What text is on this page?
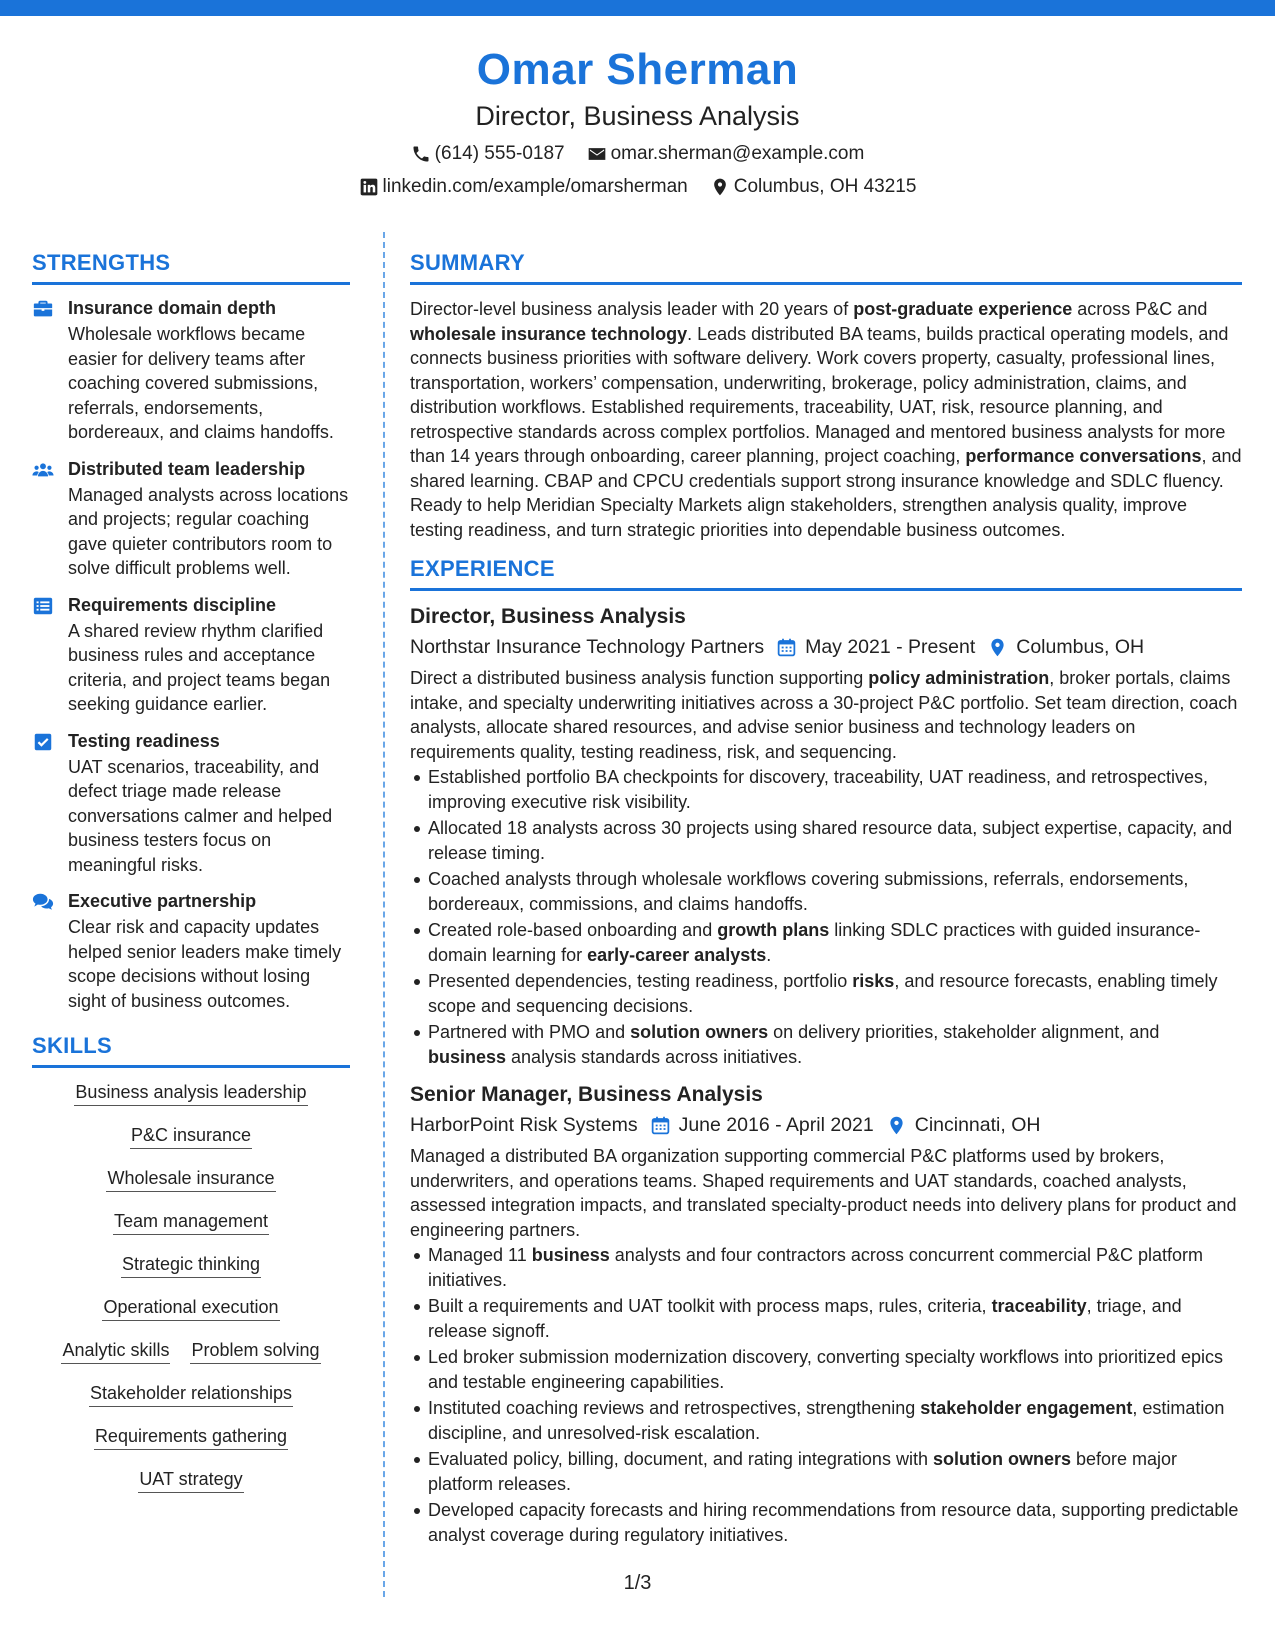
Omar Sherman
Director, Business Analysis
(614) 555-0187 omar.sherman@example.com
linkedin.com/example/omarsherman Columbus, OH 43215
STRENGTHS
Insurance domain depth
Wholesale workflows became easier for delivery teams after coaching covered submissions, referrals, endorsements, bordereaux, and claims handoffs.
Distributed team leadership
Managed analysts across locations and projects; regular coaching gave quieter contributors room to solve difficult problems well.
Requirements discipline
A shared review rhythm clarified business rules and acceptance criteria, and project teams began seeking guidance earlier.
Testing readiness
UAT scenarios, traceability, and defect triage made release conversations calmer and helped business testers focus on meaningful risks.
Executive partnership
Clear risk and capacity updates helped senior leaders make timely scope decisions without losing sight of business outcomes.
SKILLS
Business analysis leadership
P&C insurance
Wholesale insurance
Team management
Strategic thinking
Operational execution
Analytic skills Problem solving
Stakeholder relationships
Requirements gathering
UAT strategy
SUMMARY
Director-level business analysis leader with 20 years of post-graduate experience across P&C and wholesale insurance technology. Leads distributed BA teams, builds practical operating models, and connects business priorities with software delivery. Work covers property, casualty, professional lines, transportation, workers’ compensation, underwriting, brokerage, policy administration, claims, and distribution workflows. Established requirements, traceability, UAT, risk, resource planning, and retrospective standards across complex portfolios. Managed and mentored business analysts for more than 14 years through onboarding, career planning, project coaching, performance conversations, and shared learning. CBAP and CPCU credentials support strong insurance knowledge and SDLC fluency. Ready to help Meridian Specialty Markets align stakeholders, strengthen analysis quality, improve testing readiness, and turn strategic priorities into dependable business outcomes.
EXPERIENCE
Director, Business Analysis
Northstar Insurance Technology Partners May 2021 - Present Columbus, OH
Direct a distributed business analysis function supporting policy administration, broker portals, claims intake, and specialty underwriting initiatives across a 30-project P&C portfolio. Set team direction, coach analysts, allocate shared resources, and advise senior business and technology leaders on requirements quality, testing readiness, risk, and sequencing.
Established portfolio BA checkpoints for discovery, traceability, UAT readiness, and retrospectives, improving executive risk visibility.
Allocated 18 analysts across 30 projects using shared resource data, subject expertise, capacity, and release timing.
Coached analysts through wholesale workflows covering submissions, referrals, endorsements, bordereaux, commissions, and claims handoffs.
Created role-based onboarding and growth plans linking SDLC practices with guided insurance-domain learning for early-career analysts.
Presented dependencies, testing readiness, portfolio risks, and resource forecasts, enabling timely scope and sequencing decisions.
Partnered with PMO and solution owners on delivery priorities, stakeholder alignment, and business analysis standards across initiatives.
Senior Manager, Business Analysis
HarborPoint Risk Systems June 2016 - April 2021 Cincinnati, OH
Managed a distributed BA organization supporting commercial P&C platforms used by brokers, underwriters, and operations teams. Shaped requirements and UAT standards, coached analysts, assessed integration impacts, and translated specialty-product needs into delivery plans for product and engineering partners.
Managed 11 business analysts and four contractors across concurrent commercial P&C platform initiatives.
Built a requirements and UAT toolkit with process maps, rules, criteria, traceability, triage, and release signoff.
Led broker submission modernization discovery, converting specialty workflows into prioritized epics and testable engineering capabilities.
Instituted coaching reviews and retrospectives, strengthening stakeholder engagement, estimation discipline, and unresolved-risk escalation.
Evaluated policy, billing, document, and rating integrations with solution owners before major platform releases.
Developed capacity forecasts and hiring recommendations from resource data, supporting predictable analyst coverage during regulatory initiatives.
1/3
